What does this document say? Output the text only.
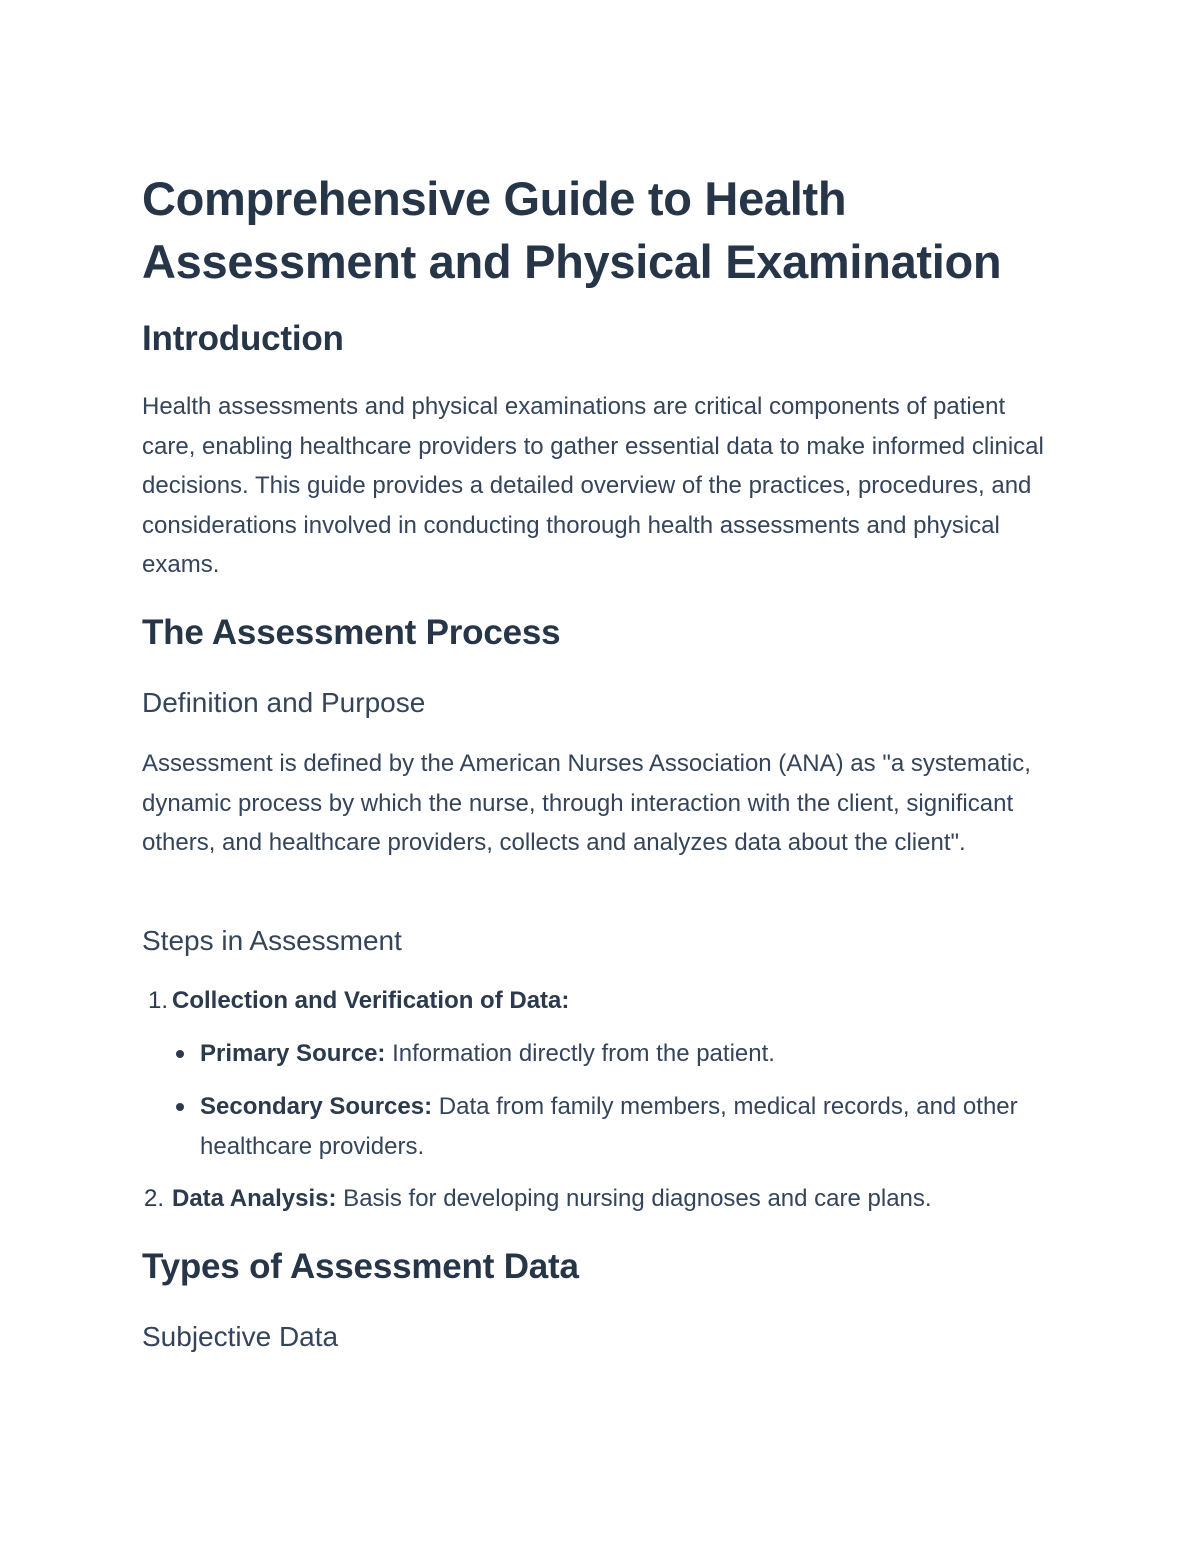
Comprehensive Guide to Health Assessment and Physical Examination
Introduction

Health assessments and physical examinations are critical components of patient care, enabling healthcare providers to gather essential data to make informed clinical decisions. This guide provides a detailed overview of the practices, procedures, and considerations involved in conducting thorough health assessments and physical exams.

The Assessment Process
Definition and Purpose

Assessment is defined by the American Nurses Association (ANA) as "a systematic, dynamic process by which the nurse, through interaction with the client, significant others, and healthcare providers, collects and analyzes data about the client".

Steps in Assessment
1. Collection and Verification of Data:

Primary Source: Information directly from the patient.

Secondary Sources: Data from family members, medical records, and other healthcare providers.

2. Data Analysis: Basis for developing nursing diagnoses and care plans.

Types of Assessment Data
Subjective Data
